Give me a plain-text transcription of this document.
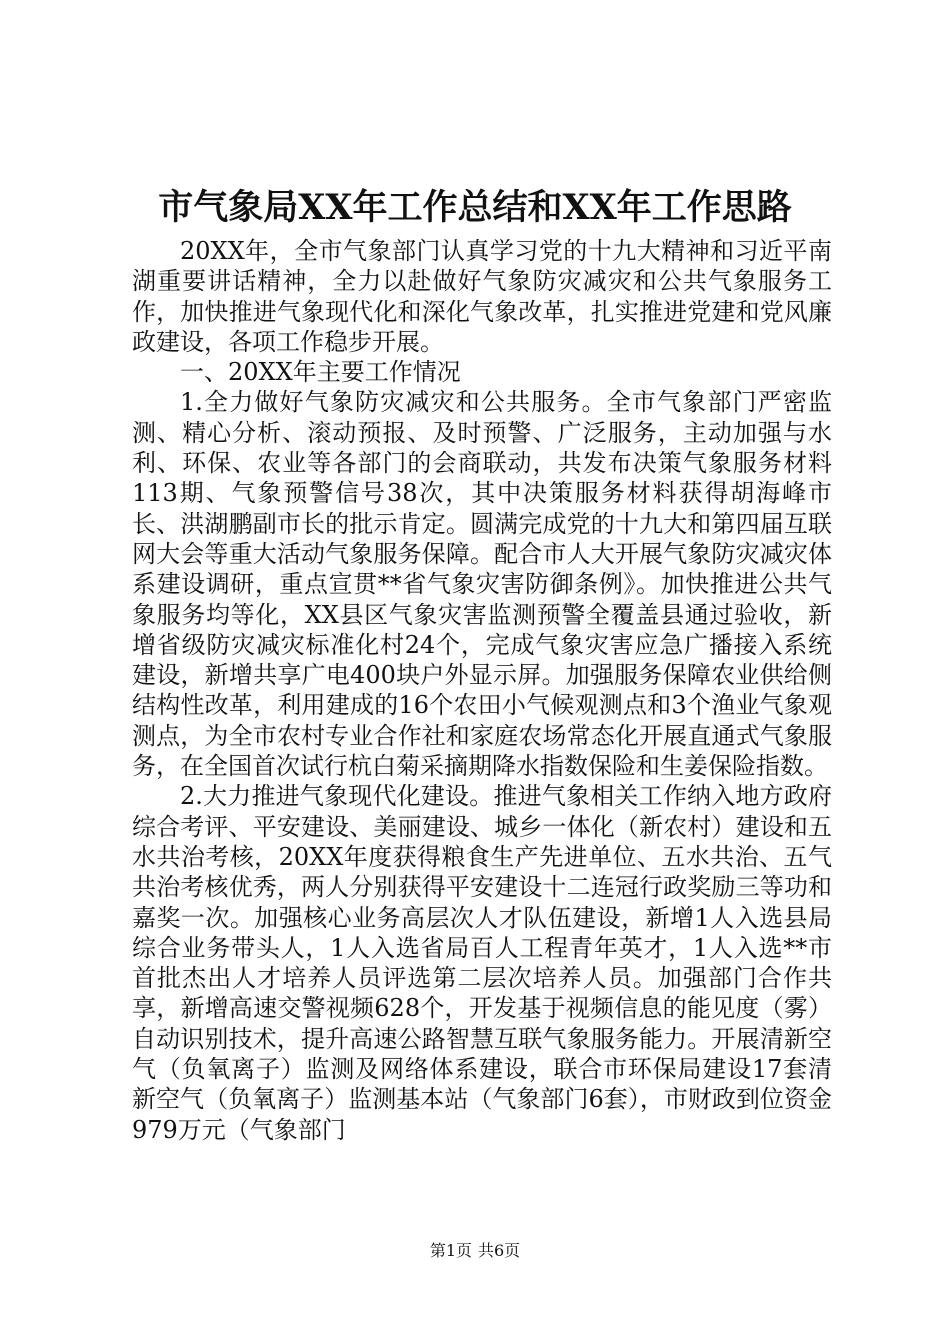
市气象局XX年工作总结和XX年工作思路

20XX年，全市气象部门认真学习党的十九大精神和习近平南湖重要讲话精神，全力以赴做好气象防灾减灾和公共气象服务工作，加快推进气象现代化和深化气象改革，扎实推进党建和党风廉政建设，各项工作稳步开展。

一、20XX年主要工作情况

1.全力做好气象防灾减灾和公共服务。全市气象部门严密监测、精心分析、滚动预报、及时预警、广泛服务，主动加强与水利、环保、农业等各部门的会商联动，共发布决策气象服务材料113期、气象预警信号38次，其中决策服务材料获得胡海峰市长、洪湖鹏副市长的批示肯定。圆满完成党的十九大和第四届互联网大会等重大活动气象服务保障。配合市人大开展气象防灾减灾体系建设调研，重点宣贯**省气象灾害防御条例》。加快推进公共气象服务均等化，XX县区气象灾害监测预警全覆盖县通过验收，新增省级防灾减灾标准化村24个，完成气象灾害应急广播接入系统建设，新增共享广电400块户外显示屏。加强服务保障农业供给侧结构性改革，利用建成的16个农田小气候观测点和3个渔业气象观测点，为全市农村专业合作社和家庭农场常态化开展直通式气象服务，在全国首次试行杭白菊采摘期降水指数保险和生姜保险指数。

2.大力推进气象现代化建设。推进气象相关工作纳入地方政府综合考评、平安建设、美丽建设、城乡一体化（新农村）建设和五水共治考核，20XX年度获得粮食生产先进单位、五水共治、五气共治考核优秀，两人分别获得平安建设十二连冠行政奖励三等功和嘉奖一次。加强核心业务高层次人才队伍建设，新增1人入选县局综合业务带头人，1人入选省局百人工程青年英才，1人入选**市首批杰出人才培养人员评选第二层次培养人员。加强部门合作共享，新增高速交警视频628个，开发基于视频信息的能见度（雾）自动识别技术，提升高速公路智慧互联气象服务能力。开展清新空气（负氧离子）监测及网络体系建设，联合市环保局建设17套清新空气（负氧离子）监测基本站（气象部门6套），市财政到位资金979万元（气象部门

第1页 共6页
